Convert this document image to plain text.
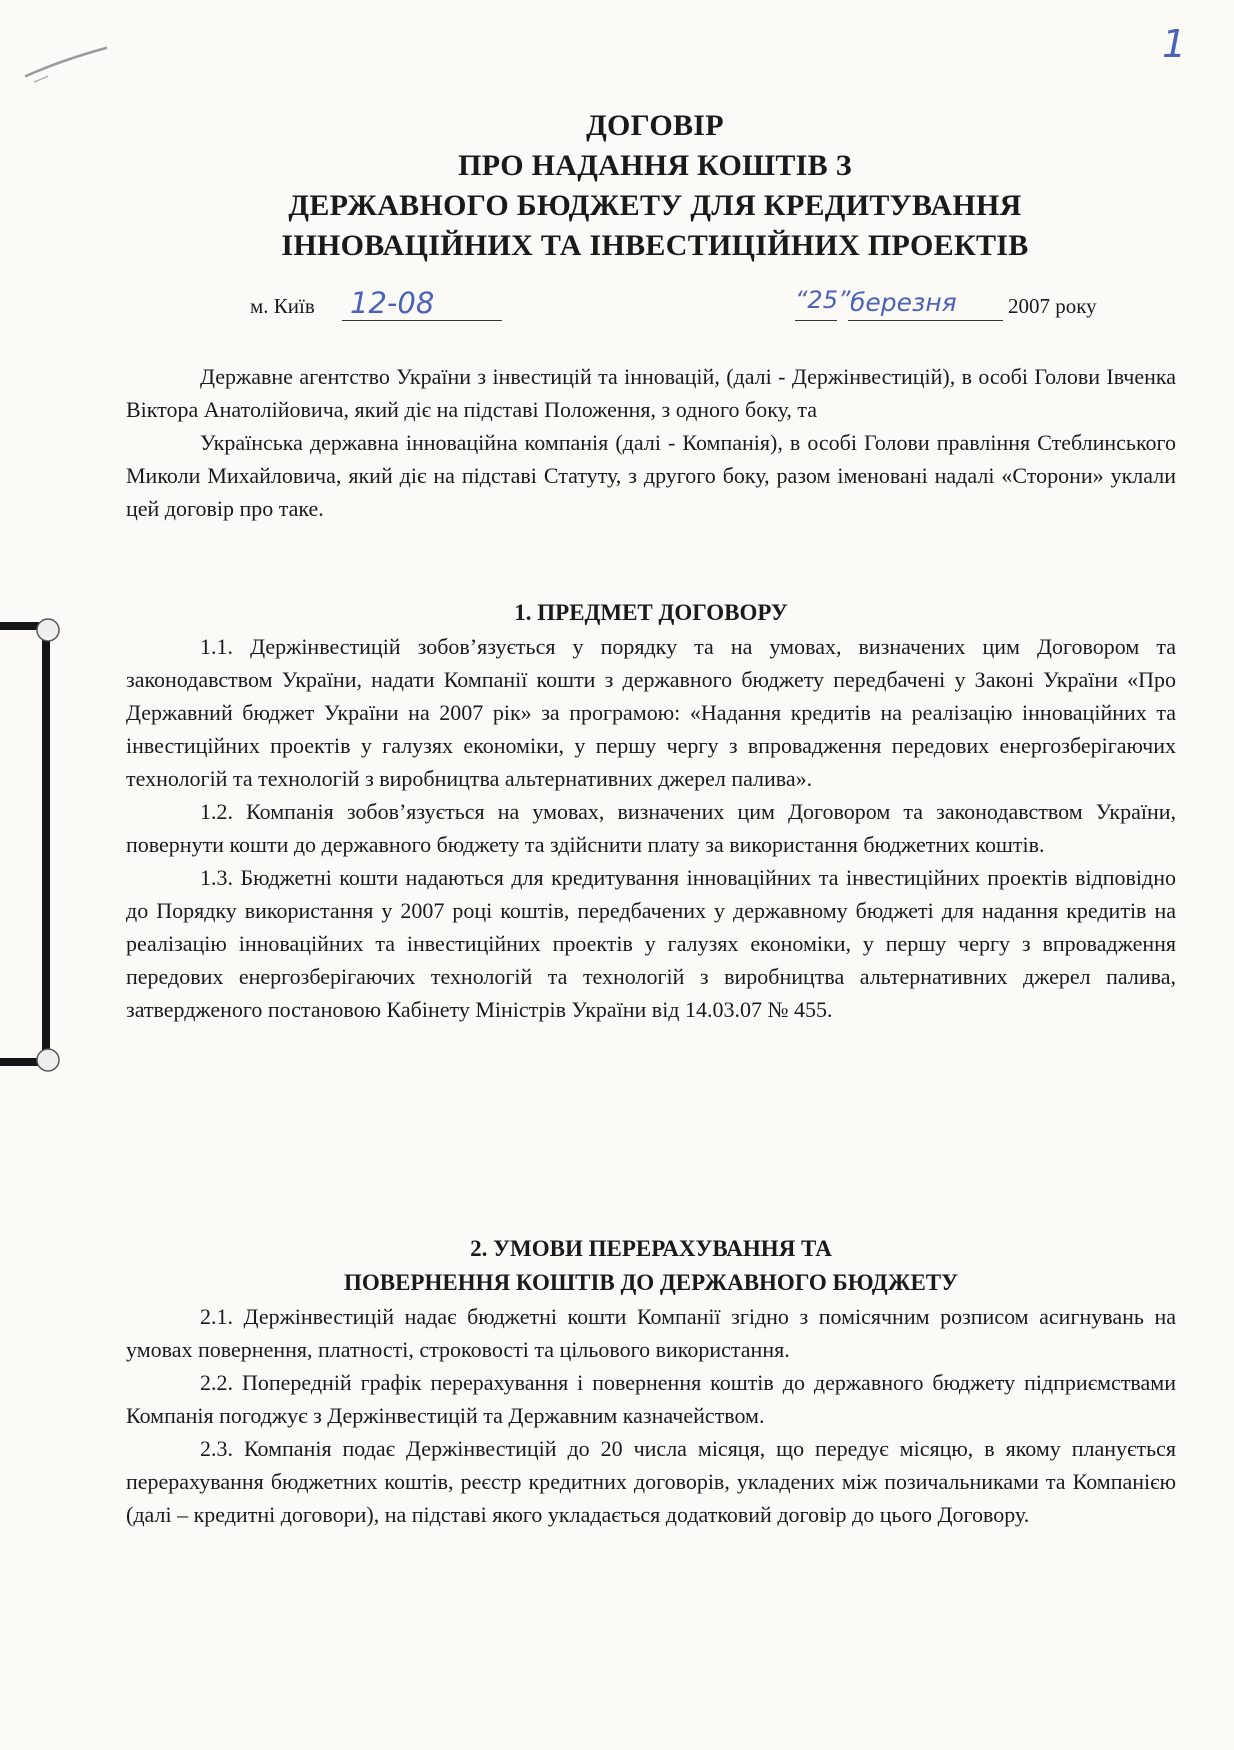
1
ДОГОВІР
ПРО НАДАННЯ КОШТІВ З
ДЕРЖАВНОГО БЮДЖЕТУ ДЛЯ КРЕДИТУВАННЯ
ІННОВАЦІЙНИХ ТА ІНВЕСТИЦІЙНИХ ПРОЕКТІВ
м. Київ 12-08	“25” березня 2007 року

Державне агентство України з інвестицій та інновацій, (далі - Держінвестицій), в особі Голови Івченка Віктора Анатолійовича, який діє на підставі Положення, з одного боку, та

Українська державна інноваційна компанія (далі - Компанія), в особі Голови правління Стеблинського Миколи Михайловича, який діє на підставі Статуту, з другого боку, разом іменовані надалі «Сторони» уклали цей договір про таке.

1. ПРЕДМЕТ ДОГОВОРУ

1.1. Держінвестицій зобов’язується у порядку та на умовах, визначених цим Договором та законодавством України, надати Компанії кошти з державного бюджету передбачені у Законі України «Про Державний бюджет України на 2007 рік» за програмою: «Надання кредитів на реалізацію інноваційних та інвестиційних проектів у галузях економіки, у першу чергу з впровадження передових енергозберігаючих технологій та технологій з виробництва альтернативних джерел палива».

1.2. Компанія зобов’язується на умовах, визначених цим Договором та законодавством України, повернути кошти до державного бюджету та здійснити плату за використання бюджетних коштів.

1.3. Бюджетні кошти надаються для кредитування інноваційних та інвестиційних проектів відповідно до Порядку використання у 2007 році коштів, передбачених у державному бюджеті для надання кредитів на реалізацію інноваційних та інвестиційних проектів у галузях економіки, у першу чергу з впровадження передових енергозберігаючих технологій та технологій з виробництва альтернативних джерел палива, затвердженого постановою Кабінету Міністрів України від 14.03.07 № 455.

2. УМОВИ ПЕРЕРАХУВАННЯ ТА
ПОВЕРНЕННЯ КОШТІВ ДО ДЕРЖАВНОГО БЮДЖЕТУ

2.1. Держінвестицій надає бюджетні кошти Компанії згідно з помісячним розписом асигнувань на умовах повернення, платності, строковості та цільового використання.

2.2. Попередній графік перерахування і повернення коштів до державного бюджету підприємствами Компанія погоджує з Держінвестицій та Державним казначейством.

2.3. Компанія подає Держінвестицій до 20 числа місяця, що передує місяцю, в якому планується перерахування бюджетних коштів, реєстр кредитних договорів, укладених між позичальниками та Компанією (далі – кредитні договори), на підставі якого укладається додатковий договір до цього Договору.
